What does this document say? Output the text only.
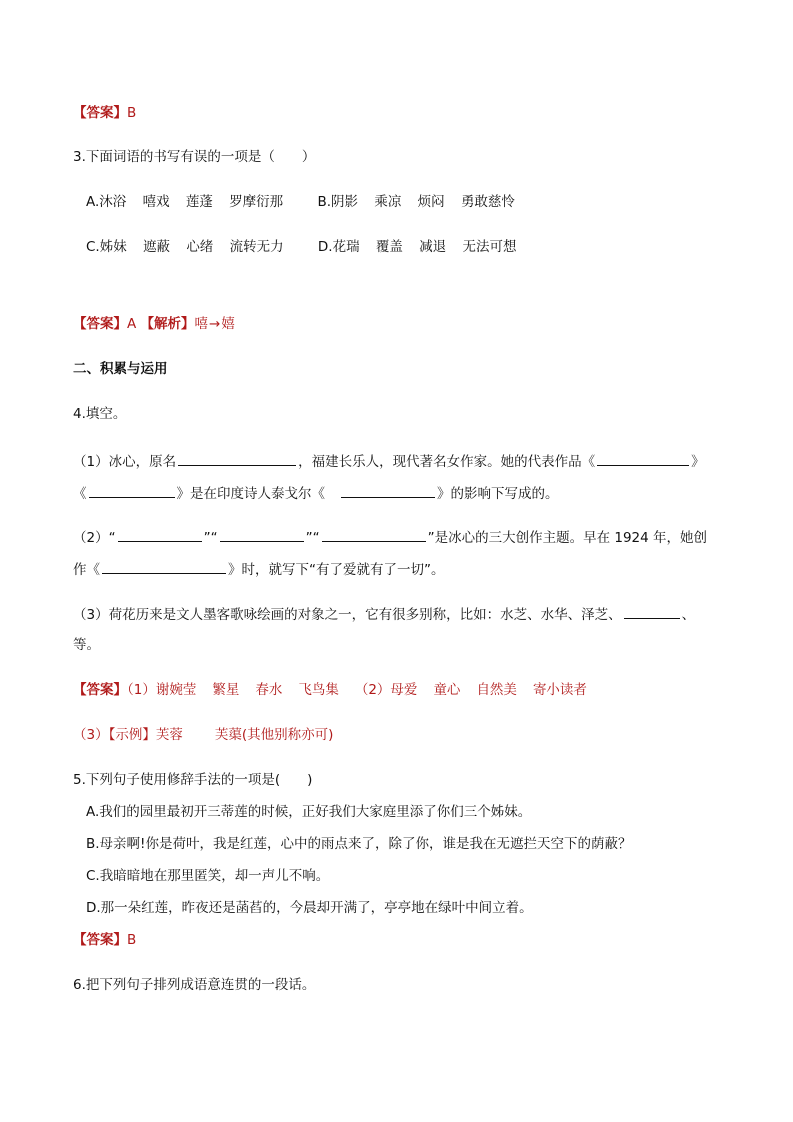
【答案】B
3.下面词语的书写有误的一项是（　　）
A.沐浴 嘻戏 莲蓬 罗摩衍那	B.阴影 乘凉 烦闷 勇敢慈怜
C.姊妹 遮蔽 心绪 流转无力	D.花瑞 覆盖 减退 无法可想
【答案】A 【解析】嘻→嬉
二、积累与运用
4.填空。
（1）冰心，原名	，福建长乐人，现代著名女作家。她的代表作品《	》
《	》是在印度诗人泰戈尔《	》的影响下写成的。
（2）“	”“	”“	”是冰心的三大创作主题。早在 1924 年，她创
作《	》时，就写下“有了爱就有了一切”。
（3）荷花历来是文人墨客歌咏绘画的对象之一，它有很多别称，比如：水芝、水华、泽芝、	、
等。
【答案】（1）谢婉莹 繁星 春水 飞鸟集 （2）母爱 童心 自然美 寄小读者
（3）【示例】芙蓉 芙蕖(其他别称亦可)
5.下列句子使用修辞手法的一项是(　　)
A.我们的园里最初开三蒂莲的时候，正好我们大家庭里添了你们三个姊妹。
B.母亲啊!你是荷叶，我是红莲，心中的雨点来了，除了你，谁是我在无遮拦天空下的荫蔽？
C.我暗暗地在那里匿笑，却一声儿不响。
D.那一朵红莲，昨夜还是菡萏的，今晨却开满了，亭亭地在绿叶中间立着。
【答案】B
6.把下列句子排列成语意连贯的一段话。
